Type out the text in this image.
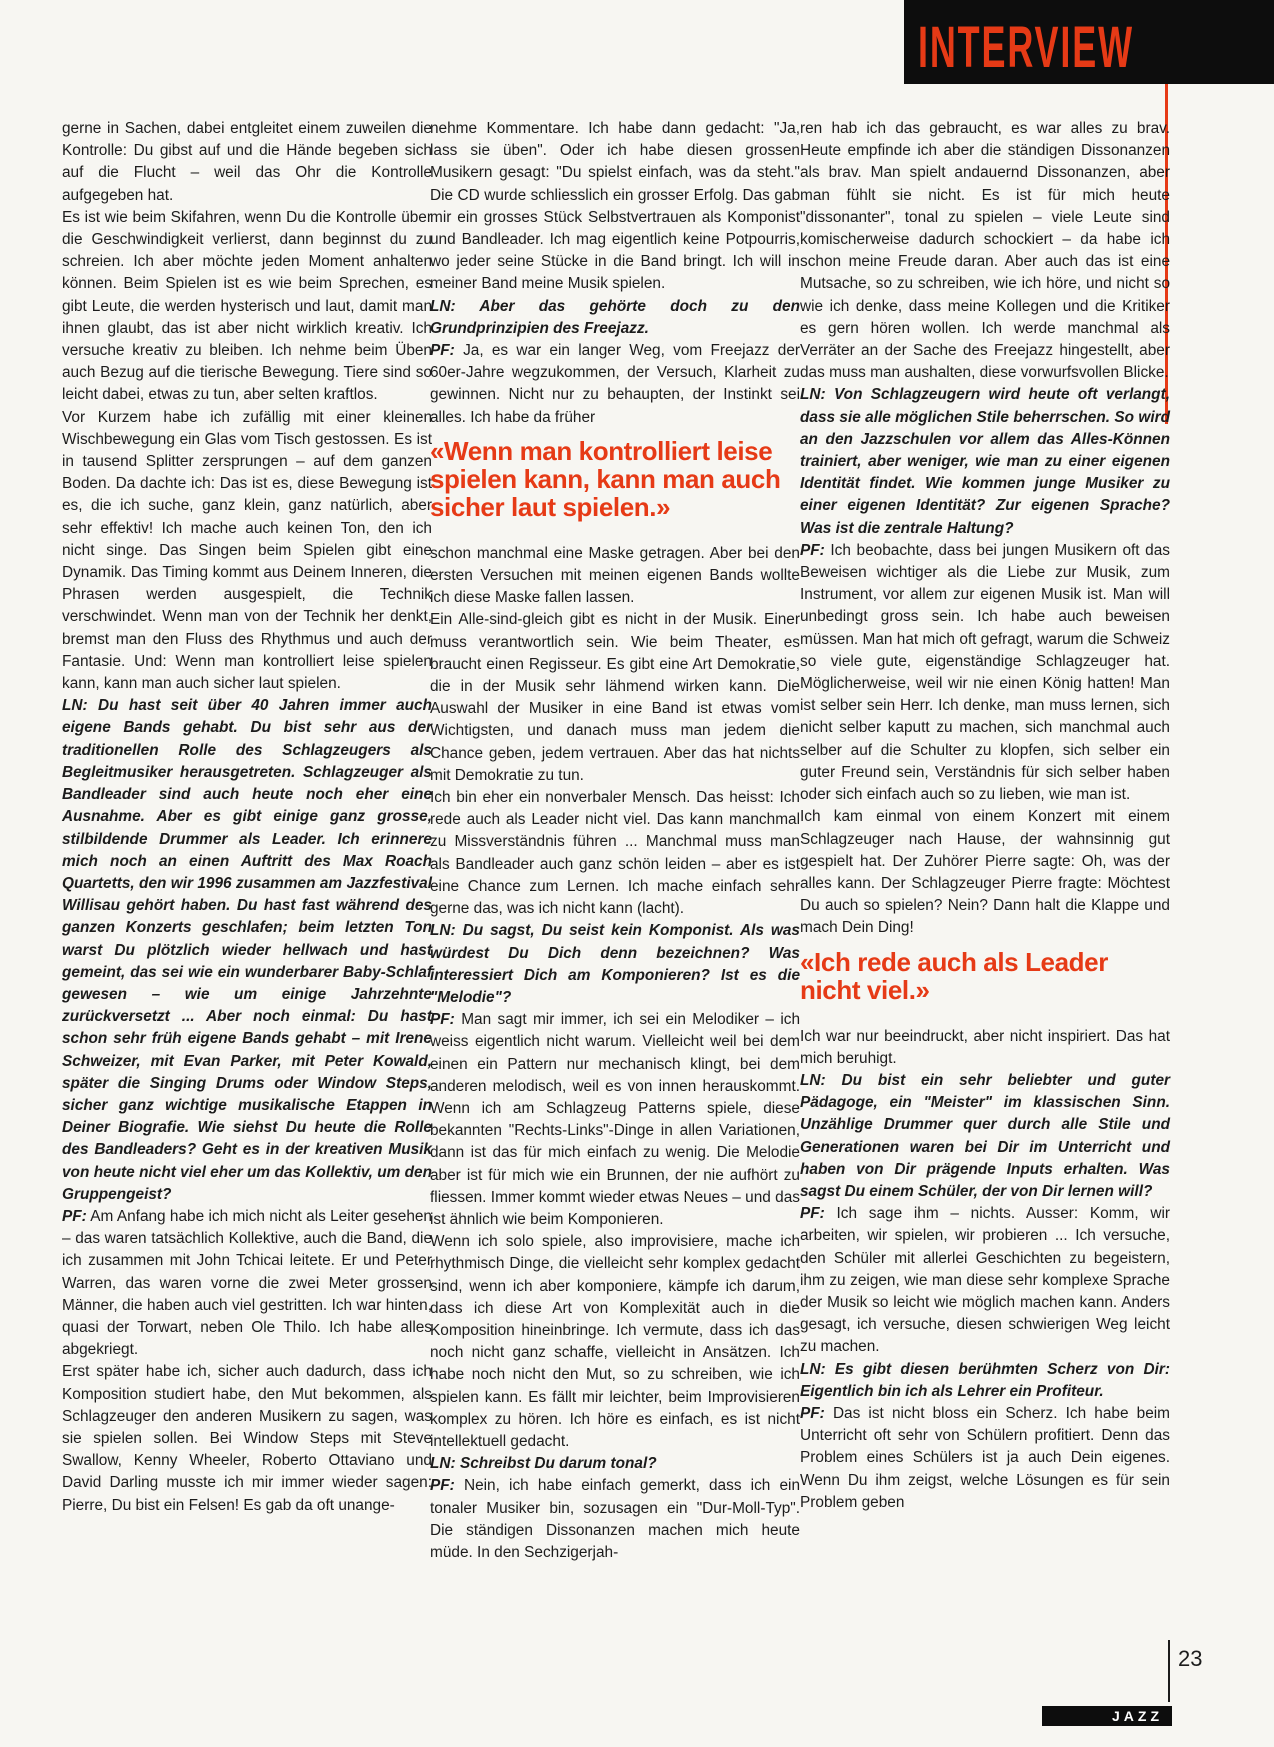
INTERVIEW

gerne in Sachen, dabei entgleitet einem zuweilen die Kontrolle: Du gibst auf und die Hände begeben sich auf die Flucht – weil das Ohr die Kontrolle aufgegeben hat.

Es ist wie beim Skifahren, wenn Du die Kontrolle über die Geschwindigkeit verlierst, dann beginnst du zu schreien. Ich aber möchte jeden Moment anhalten können. Beim Spielen ist es wie beim Sprechen, es gibt Leute, die werden hysterisch und laut, damit man ihnen glaubt, das ist aber nicht wirklich kreativ. Ich versuche kreativ zu bleiben. Ich nehme beim Üben auch Bezug auf die tierische Bewegung. Tiere sind so leicht dabei, etwas zu tun, aber selten kraftlos.

Vor Kurzem habe ich zufällig mit einer kleinen Wischbewegung ein Glas vom Tisch gestossen. Es ist in tausend Splitter zersprungen – auf dem ganzen Boden. Da dachte ich: Das ist es, diese Bewegung ist es, die ich suche, ganz klein, ganz natürlich, aber sehr effektiv! Ich mache auch keinen Ton, den ich nicht singe. Das Singen beim Spielen gibt eine Dynamik. Das Timing kommt aus Deinem Inneren, die Phrasen werden ausgespielt, die Technik verschwindet. Wenn man von der Technik her denkt, bremst man den Fluss des Rhythmus und auch der Fantasie. Und: Wenn man kontrolliert leise spielen kann, kann man auch sicher laut spielen.

LN: Du hast seit über 40 Jahren immer auch eigene Bands gehabt. Du bist sehr aus der traditionellen Rolle des Schlagzeugers als Begleitmusiker herausgetreten. Schlagzeuger als Bandleader sind auch heute noch eher eine Ausnahme. Aber es gibt einige ganz grosse, stilbildende Drummer als Leader. Ich erinnere mich noch an einen Auftritt des Max Roach Quartetts, den wir 1996 zusammen am Jazzfestival Willisau gehört haben. Du hast fast während des ganzen Konzerts geschlafen; beim letzten Ton warst Du plötzlich wieder hellwach und hast gemeint, das sei wie ein wunderbarer Baby-Schlaf gewesen – wie um einige Jahrzehnte zurückversetzt ... Aber noch einmal: Du hast schon sehr früh eigene Bands gehabt – mit Irene Schweizer, mit Evan Parker, mit Peter Kowald, später die Singing Drums oder Window Steps, sicher ganz wichtige musikalische Etappen in Deiner Biografie. Wie siehst Du heute die Rolle des Bandleaders? Geht es in der kreativen Musik von heute nicht viel eher um das Kollektiv, um den Gruppengeist?

PF: Am Anfang habe ich mich nicht als Leiter gesehen – das waren tatsächlich Kollektive, auch die Band, die ich zusammen mit John Tchicai leitete. Er und Peter Warren, das waren vorne die zwei Meter grossen Männer, die haben auch viel gestritten. Ich war hinten, quasi der Torwart, neben Ole Thilo. Ich habe alles abgekriegt.

Erst später habe ich, sicher auch dadurch, dass ich Komposition studiert habe, den Mut bekommen, als Schlagzeuger den anderen Musikern zu sagen, was sie spielen sollen. Bei Window Steps mit Steve Swallow, Kenny Wheeler, Roberto Ottaviano und David Darling musste ich mir immer wieder sagen: Pierre, Du bist ein Felsen! Es gab da oft unange-

nehme Kommentare. Ich habe dann gedacht: "Ja, lass sie üben". Oder ich habe diesen grossen Musikern gesagt: "Du spielst einfach, was da steht." Die CD wurde schliesslich ein grosser Erfolg. Das gab mir ein grosses Stück Selbstvertrauen als Komponist und Bandleader. Ich mag eigentlich keine Potpourris, wo jeder seine Stücke in die Band bringt. Ich will in meiner Band meine Musik spielen.

LN: Aber das gehörte doch zu den Grundprinzipien des Freejazz.

PF: Ja, es war ein langer Weg, vom Freejazz der 60er-Jahre wegzukommen, der Versuch, Klarheit zu gewinnen. Nicht nur zu behaupten, der Instinkt sei alles. Ich habe da früher

«Wenn man kontrolliert leise spielen kann, kann man auch sicher laut spielen.»

schon manchmal eine Maske getragen. Aber bei den ersten Versuchen mit meinen eigenen Bands wollte ich diese Maske fallen lassen.

Ein Alle-sind-gleich gibt es nicht in der Musik. Einer muss verantwortlich sein. Wie beim Theater, es braucht einen Regisseur. Es gibt eine Art Demokratie, die in der Musik sehr lähmend wirken kann. Die Auswahl der Musiker in eine Band ist etwas vom Wichtigsten, und danach muss man jedem die Chance geben, jedem vertrauen. Aber das hat nichts mit Demokratie zu tun.

Ich bin eher ein nonverbaler Mensch. Das heisst: Ich rede auch als Leader nicht viel. Das kann manchmal zu Missverständnis führen ... Manchmal muss man als Bandleader auch ganz schön leiden – aber es ist eine Chance zum Lernen. Ich mache einfach sehr gerne das, was ich nicht kann (lacht).

LN: Du sagst, Du seist kein Komponist. Als was würdest Du Dich denn bezeichnen? Was interessiert Dich am Komponieren? Ist es die "Melodie"?

PF: Man sagt mir immer, ich sei ein Melodiker – ich weiss eigentlich nicht warum. Vielleicht weil bei dem einen ein Pattern nur mechanisch klingt, bei dem anderen melodisch, weil es von innen herauskommt. Wenn ich am Schlagzeug Patterns spiele, diese bekannten "Rechts-Links"-Dinge in allen Variationen, dann ist das für mich einfach zu wenig. Die Melodie aber ist für mich wie ein Brunnen, der nie aufhört zu fliessen. Immer kommt wieder etwas Neues – und das ist ähnlich wie beim Komponieren.

Wenn ich solo spiele, also improvisiere, mache ich rhythmisch Dinge, die vielleicht sehr komplex gedacht sind, wenn ich aber komponiere, kämpfe ich darum, dass ich diese Art von Komplexität auch in die Komposition hineinbringe. Ich vermute, dass ich das noch nicht ganz schaffe, vielleicht in Ansätzen. Ich habe noch nicht den Mut, so zu schreiben, wie ich spielen kann. Es fällt mir leichter, beim Improvisieren komplex zu hören. Ich höre es einfach, es ist nicht intellektuell gedacht.

LN: Schreibst Du darum tonal?

PF: Nein, ich habe einfach gemerkt, dass ich ein tonaler Musiker bin, sozusagen ein "Dur-Moll-Typ". Die ständigen Dissonanzen machen mich heute müde. In den Sechzigerjah-

ren hab ich das gebraucht, es war alles zu brav. Heute empfinde ich aber die ständigen Dissonanzen als brav. Man spielt andauernd Dissonanzen, aber man fühlt sie nicht. Es ist für mich heute "dissonanter", tonal zu spielen – viele Leute sind komischerweise dadurch schockiert – da habe ich schon meine Freude daran. Aber auch das ist eine Mutsache, so zu schreiben, wie ich höre, und nicht so wie ich denke, dass meine Kollegen und die Kritiker es gern hören wollen. Ich werde manchmal als Verräter an der Sache des Freejazz hingestellt, aber das muss man aushalten, diese vorwurfsvollen Blicke.

LN: Von Schlagzeugern wird heute oft verlangt, dass sie alle möglichen Stile beherrschen. So wird an den Jazzschulen vor allem das Alles-Können trainiert, aber weniger, wie man zu einer eigenen Identität findet. Wie kommen junge Musiker zu einer eigenen Identität? Zur eigenen Sprache? Was ist die zentrale Haltung?

PF: Ich beobachte, dass bei jungen Musikern oft das Beweisen wichtiger als die Liebe zur Musik, zum Instrument, vor allem zur eigenen Musik ist. Man will unbedingt gross sein. Ich habe auch beweisen müssen. Man hat mich oft gefragt, warum die Schweiz so viele gute, eigenständige Schlagzeuger hat. Möglicherweise, weil wir nie einen König hatten! Man ist selber sein Herr. Ich denke, man muss lernen, sich nicht selber kaputt zu machen, sich manchmal auch selber auf die Schulter zu klopfen, sich selber ein guter Freund sein, Verständnis für sich selber haben oder sich einfach auch so zu lieben, wie man ist.

Ich kam einmal von einem Konzert mit einem Schlagzeuger nach Hause, der wahnsinnig gut gespielt hat. Der Zuhörer Pierre sagte: Oh, was der alles kann. Der Schlagzeuger Pierre fragte: Möchtest Du auch so spielen? Nein? Dann halt die Klappe und mach Dein Ding!

«Ich rede auch als Leader nicht viel.»

Ich war nur beeindruckt, aber nicht inspiriert. Das hat mich beruhigt.

LN: Du bist ein sehr beliebter und guter Pädagoge, ein "Meister" im klassischen Sinn. Unzählige Drummer quer durch alle Stile und Generationen waren bei Dir im Unterricht und haben von Dir prägende Inputs erhalten. Was sagst Du einem Schüler, der von Dir lernen will?

PF: Ich sage ihm – nichts. Ausser: Komm, wir arbeiten, wir spielen, wir probieren ... Ich versuche, den Schüler mit allerlei Geschichten zu begeistern, ihm zu zeigen, wie man diese sehr komplexe Sprache der Musik so leicht wie möglich machen kann. Anders gesagt, ich versuche, diesen schwierigen Weg leicht zu machen.

LN: Es gibt diesen berühmten Scherz von Dir: Eigentlich bin ich als Lehrer ein Profiteur.

PF: Das ist nicht bloss ein Scherz. Ich habe beim Unterricht oft sehr von Schülern profitiert. Denn das Problem eines Schülers ist ja auch Dein eigenes. Wenn Du ihm zeigst, welche Lösungen es für sein Problem geben

23
JAZZ
